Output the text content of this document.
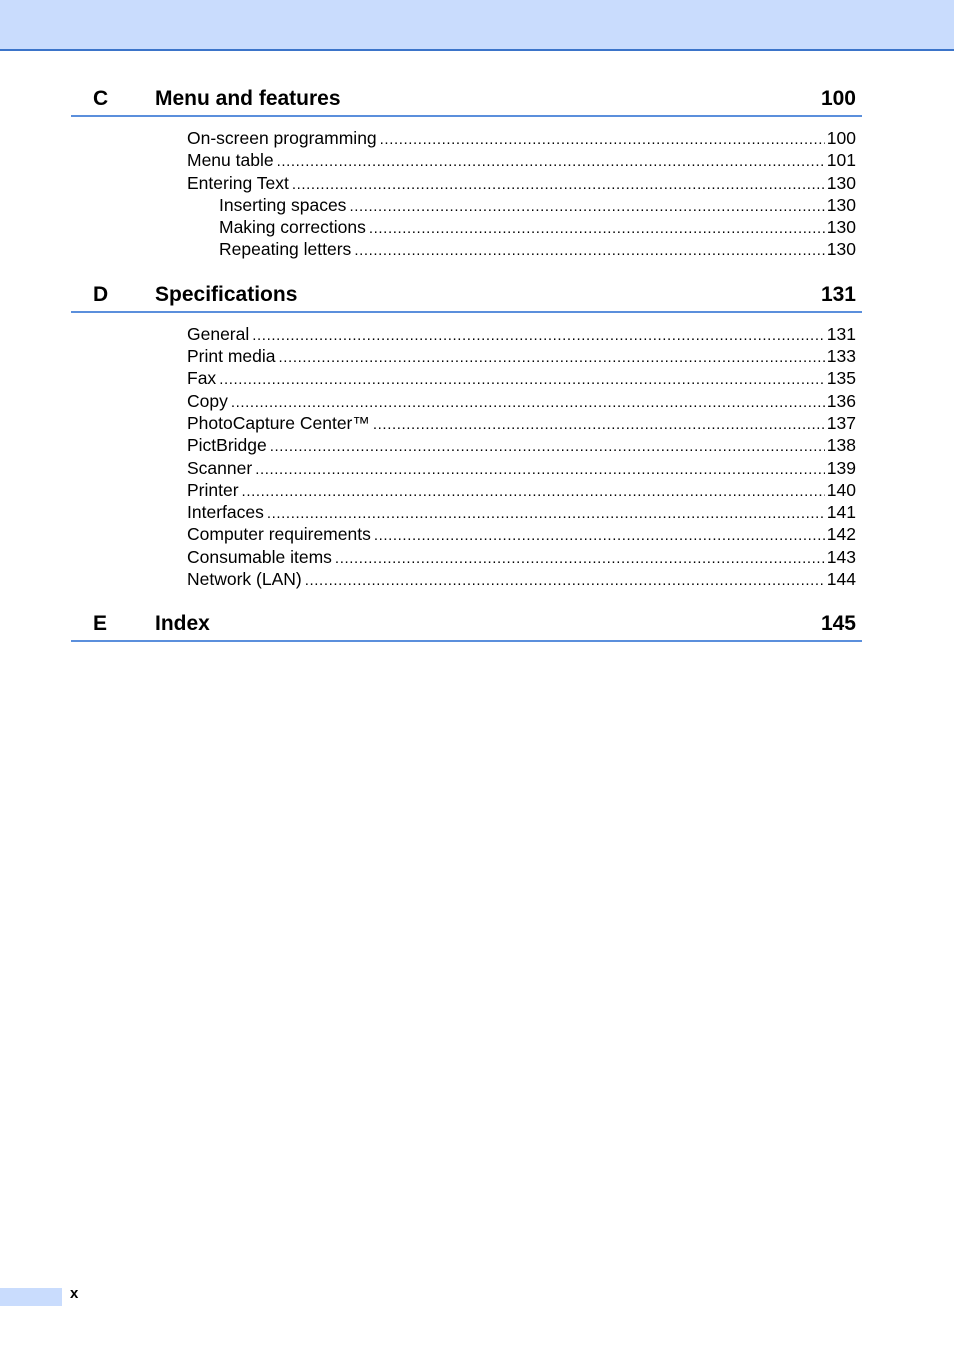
C Menu and features	100
On-screen programming .....	100
Menu table .....	101
Entering Text .....	130
Inserting spaces .....	130
Making corrections .....	130
Repeating letters .....	130
D Specifications	131
General .....	131
Print media .....	133
Fax .....	135
Copy .....	136
PhotoCapture Center™ .....	137
PictBridge .....	138
Scanner .....	139
Printer .....	140
Interfaces .....	141
Computer requirements .....	142
Consumable items .....	143
Network (LAN) .....	144
E Index	145
x
